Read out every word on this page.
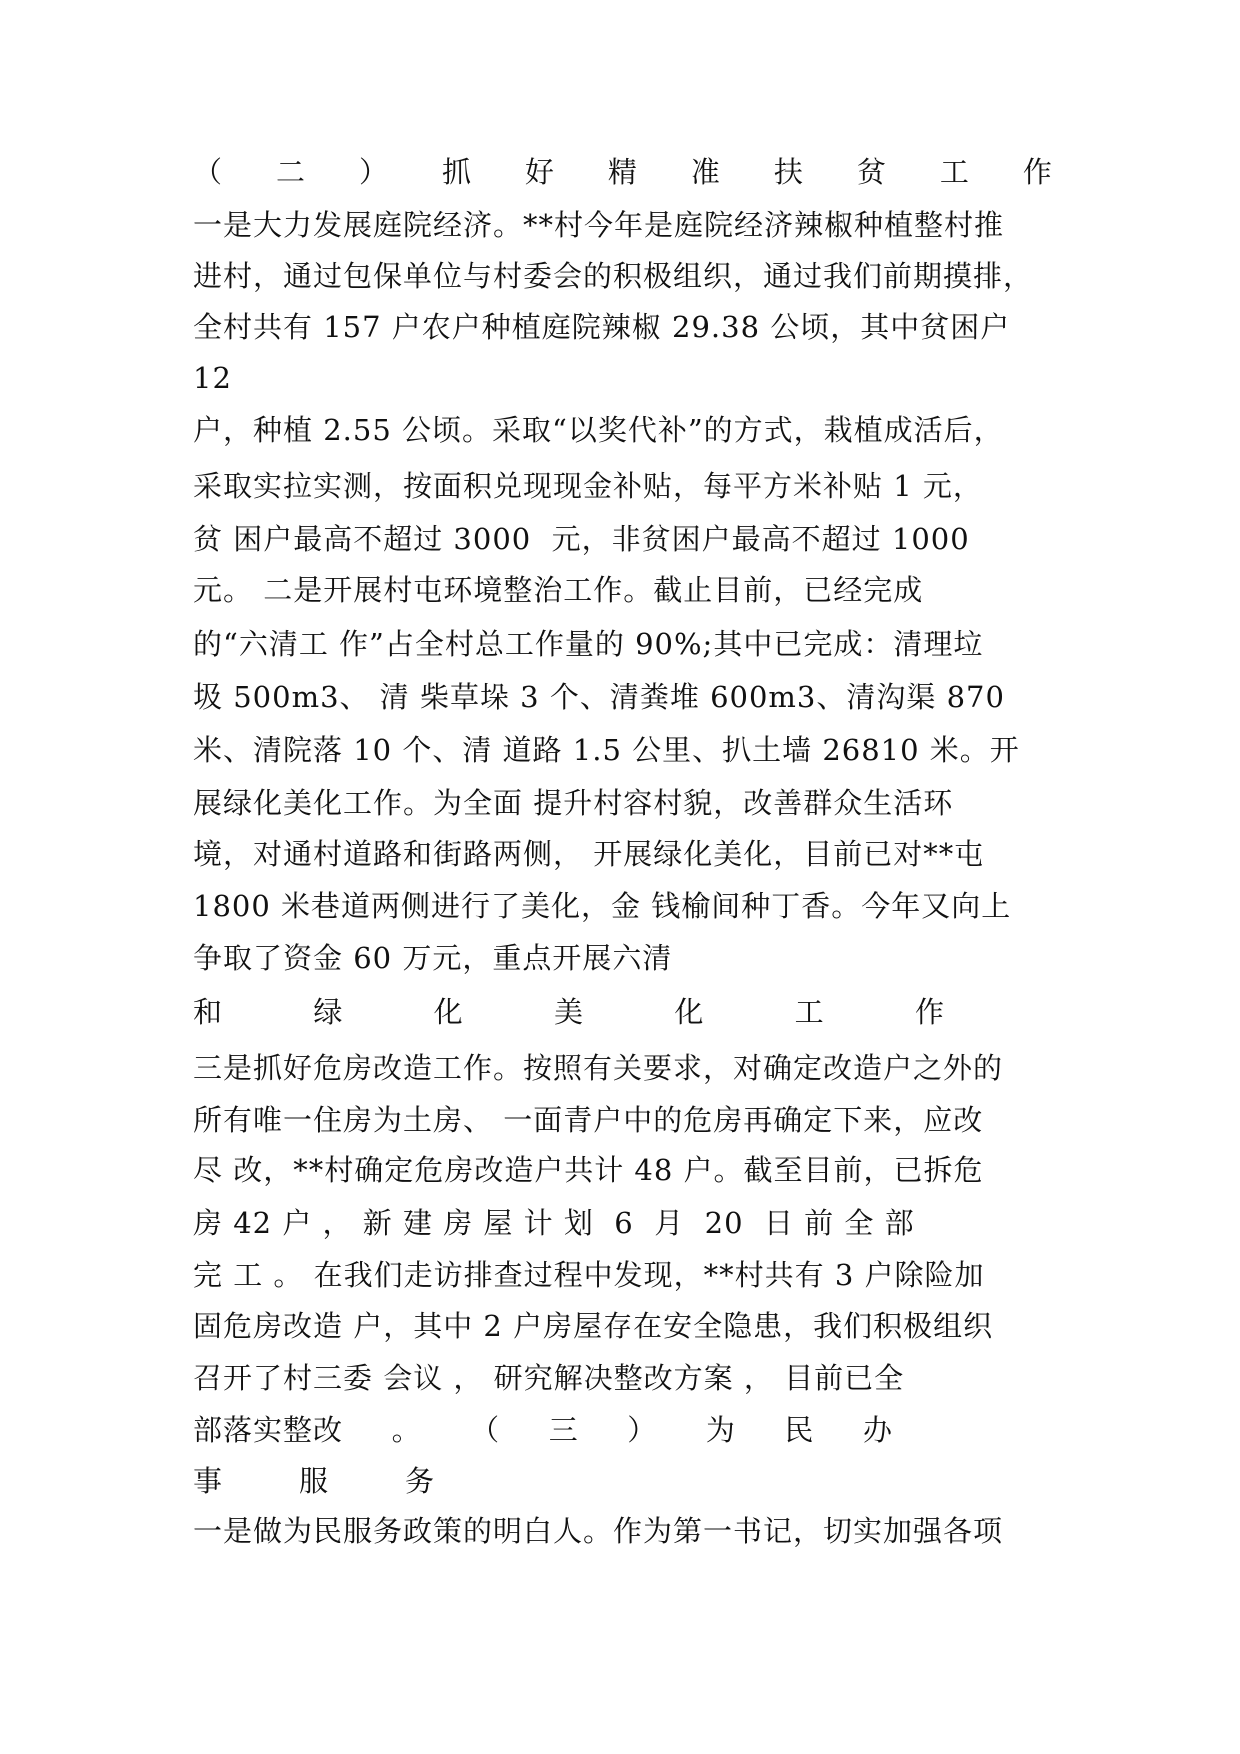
（ 二 ） 抓 好 精 准 扶 贫 工 作
一是大力发展庭院经济。**村今年是庭院经济辣椒种植整村推
进村，通过包保单位与村委会的积极组织，通过我们前期摸排，
全村共有 157 户农户种植庭院辣椒 29.38 公顷，其中贫困户
12
户，种植 2.55 公顷。采取“以奖代补”的方式，栽植成活后，
采取实拉实测，按面积兑现现金补贴，每平方米补贴 1 元，
贫 困户最高不超过 3000  元，非贫困户最高不超过 1000
元。 二是开展村屯环境整治工作。截止目前，已经完成
的“六清工 作”占全村总工作量的 90%;其中已完成：清理垃
圾 500m3、 清 柴草垛 3 个、清粪堆 600m3、清沟渠 870
米、清院落 10 个、清 道路 1.5 公里、扒土墙 26810 米。开
展绿化美化工作。为全面 提升村容村貌，改善群众生活环
境，对通村道路和街路两侧， 开展绿化美化，目前已对**屯
1800 米巷道两侧进行了美化，金 钱榆间种丁香。今年又向上
争取了资金 60 万元，重点开展六清
和	绿	化	美	化	工	作
三是抓好危房改造工作。按照有关要求，对确定改造户之外的
所有唯一住房为土房、 一面青户中的危房再确定下来，应改
尽 改，**村确定危房改造户共计 48 户。截至目前，已拆危
房 42 户 ， 新 建 房 屋 计 划  6  月  20  日 前 全 部
完 工 。 在我们走访排查过程中发现，**村共有 3 户除险加
固危房改造 户，其中 2 户房屋存在安全隐患，我们积极组织
召开了村三委 会议 ， 研究解决整改方案 ， 目前已全
部落实整改 。 （ 三 ） 为 民 办
事	服	务
一是做为民服务政策的明白人。作为第一书记，切实加强各项
